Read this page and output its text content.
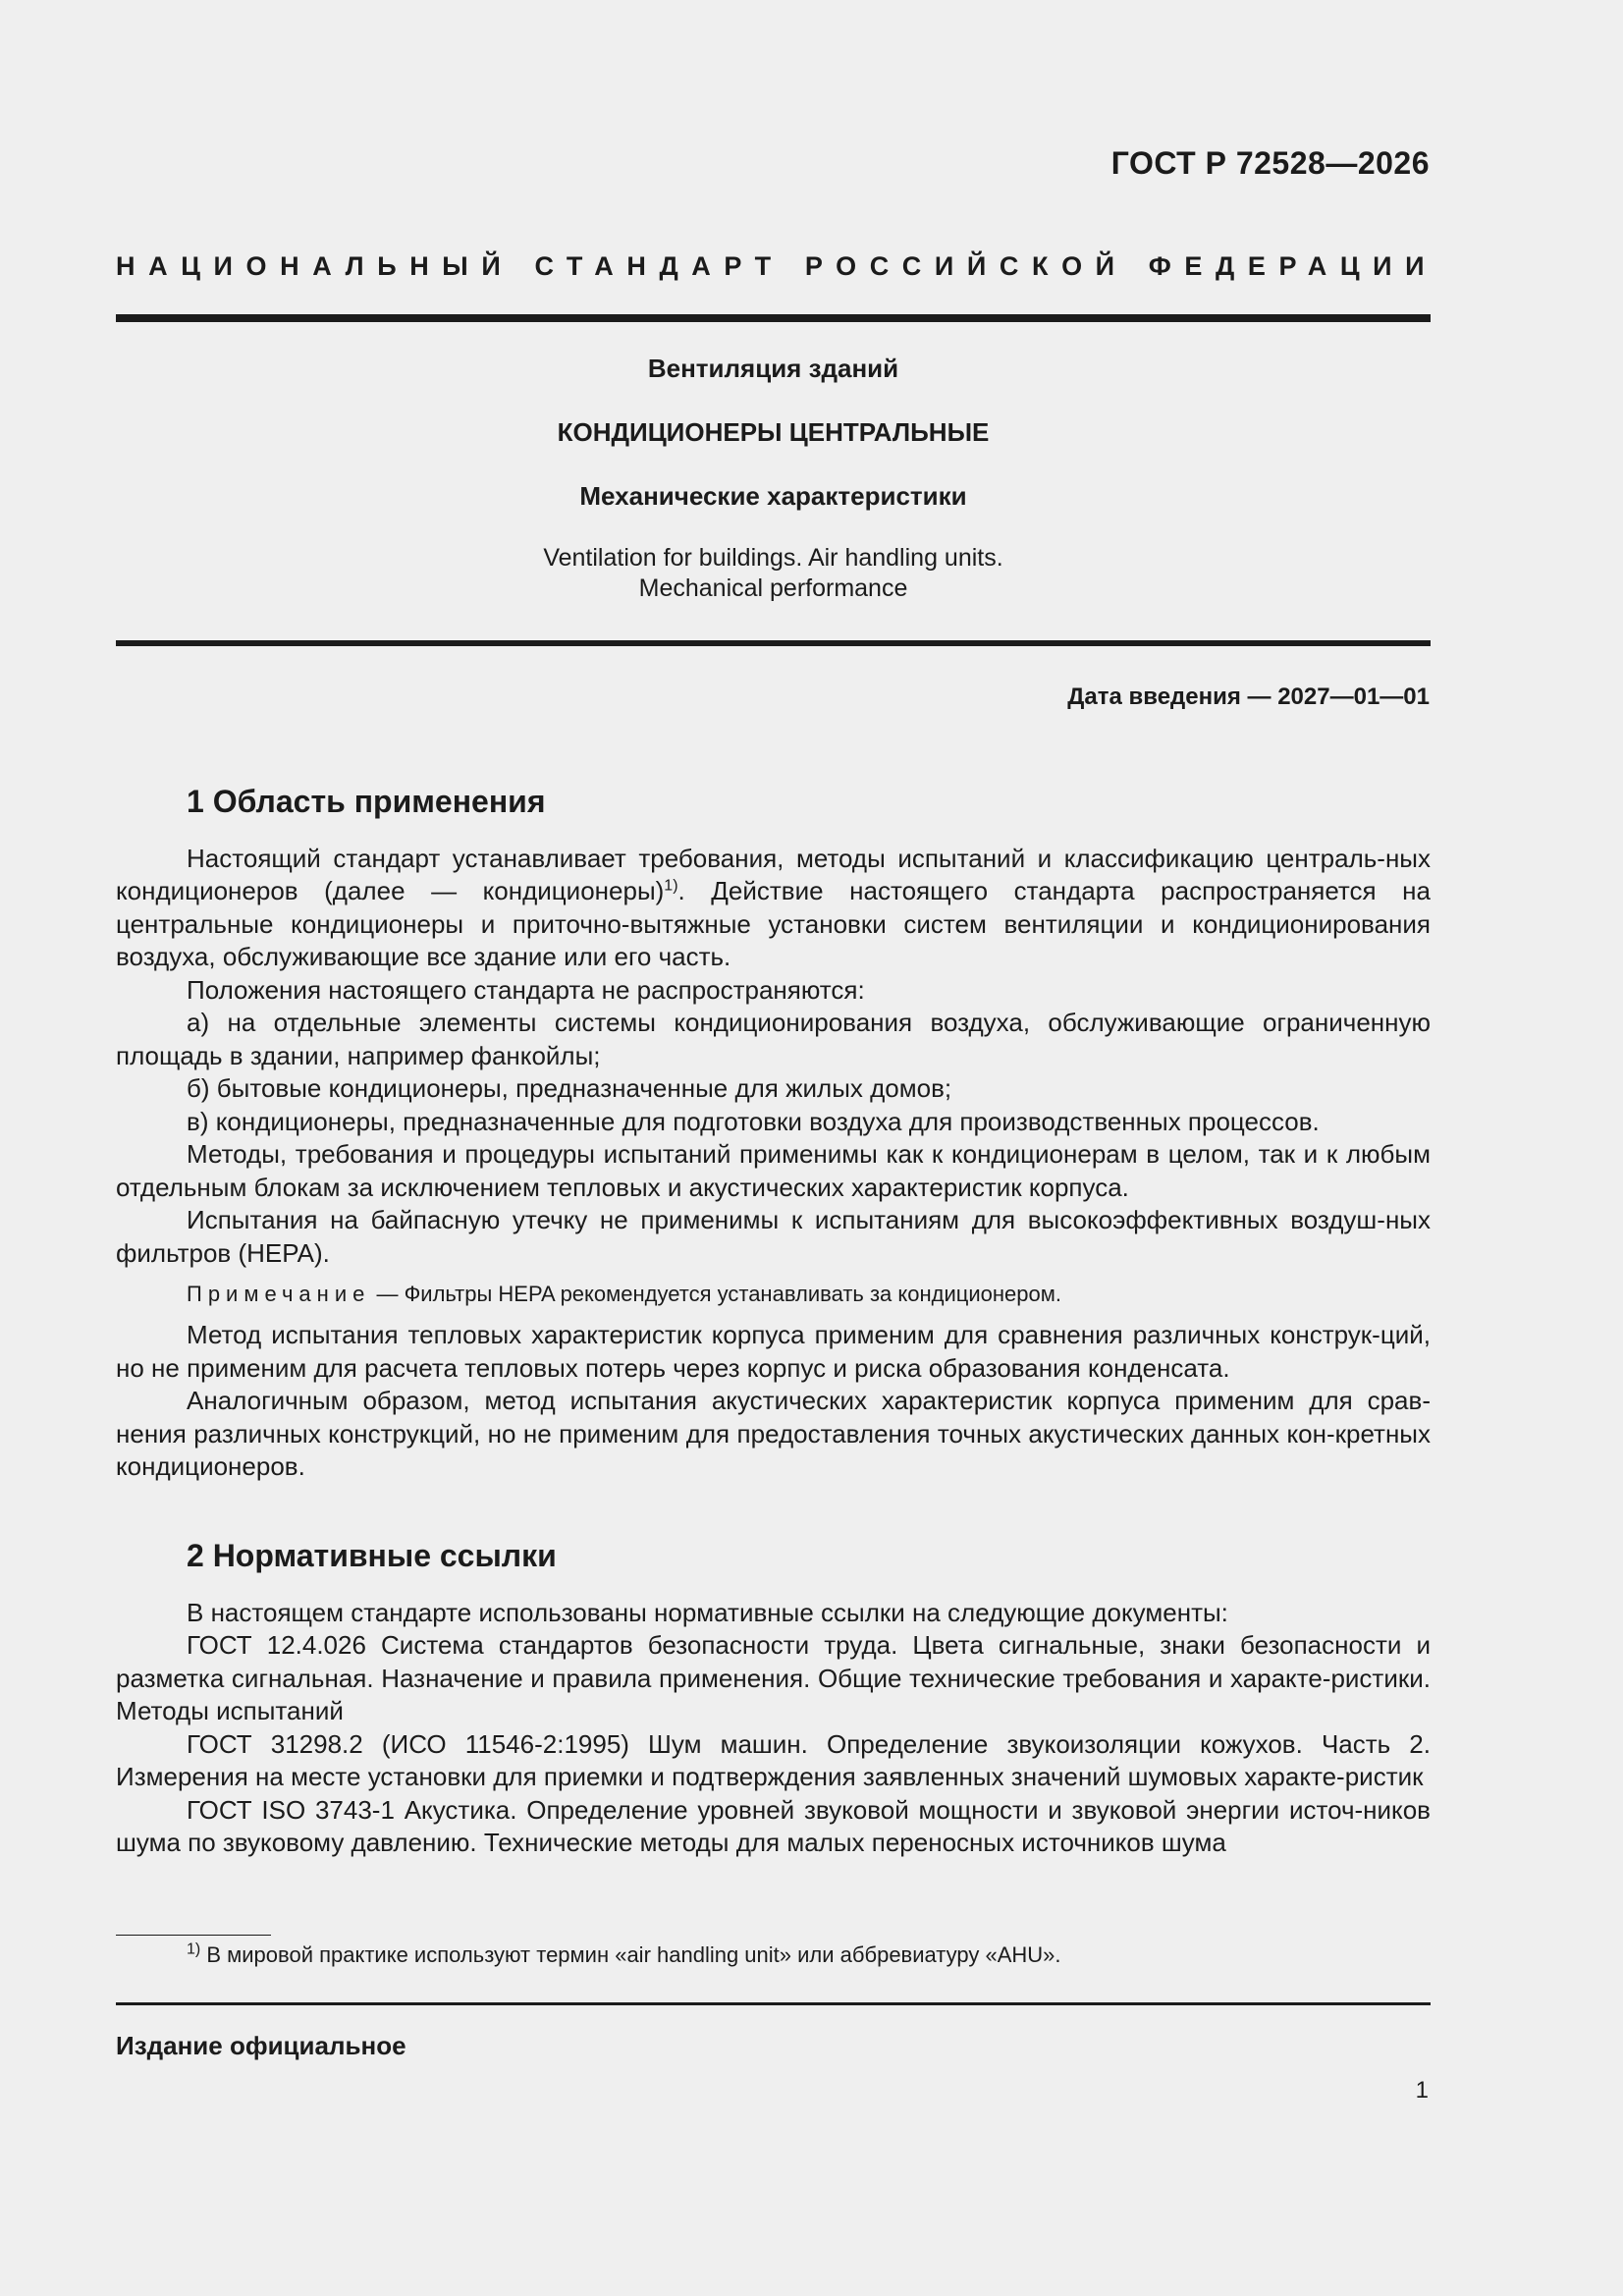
ГОСТ Р 72528—2026
НАЦИОНАЛЬНЫЙ СТАНДАРТ РОССИЙСКОЙ ФЕДЕРАЦИИ
Вентиляция зданий
КОНДИЦИОНЕРЫ ЦЕНТРАЛЬНЫЕ
Механические характеристики
Ventilation for buildings. Air handling units.
Mechanical performance
Дата введения — 2027—01—01
1 Область применения

Настоящий стандарт устанавливает требования, методы испытаний и классификацию централь-ных кондиционеров (далее — кондиционеры)$^{1)}$. Действие настоящего стандарта распространяется на центральные кондиционеры и приточно-вытяжные установки систем вентиляции и кондиционирования воздуха, обслуживающие все здание или его часть.

Положения настоящего стандарта не распространяются:

а) на отдельные элементы системы кондиционирования воздуха, обслуживающие ограниченную площадь в здании, например фанкойлы;

б) бытовые кондиционеры, предназначенные для жилых домов;

в) кондиционеры, предназначенные для подготовки воздуха для производственных процессов.

Методы, требования и процедуры испытаний применимы как к кондиционерам в целом, так и к любым отдельным блокам за исключением тепловых и акустических характеристик корпуса.

Испытания на байпасную утечку не применимы к испытаниям для высокоэффективных воздуш-ных фильтров (HEPA).

Примечание — Фильтры HEPA рекомендуется устанавливать за кондиционером.

Метод испытания тепловых характеристик корпуса применим для сравнения различных конструк-ций, но не применим для расчета тепловых потерь через корпус и риска образования конденсата.

Аналогичным образом, метод испытания акустических характеристик корпуса применим для срав-нения различных конструкций, но не применим для предоставления точных акустических данных кон-кретных кондиционеров.

2 Нормативные ссылки

В настоящем стандарте использованы нормативные ссылки на следующие документы:

ГОСТ 12.4.026 Система стандартов безопасности труда. Цвета сигнальные, знаки безопасности и разметка сигнальная. Назначение и правила применения. Общие технические требования и характе-ристики. Методы испытаний

ГОСТ 31298.2 (ИСО 11546-2:1995) Шум машин. Определение звукоизоляции кожухов. Часть 2. Измерения на месте установки для приемки и подтверждения заявленных значений шумовых характе-ристик

ГОСТ ISO 3743-1 Акустика. Определение уровней звуковой мощности и звуковой энергии источ-ников шума по звуковому давлению. Технические методы для малых переносных источников шума

$^{1)}$ В мировой практике используют термин «air handling unit» или аббревиатуру «AHU».
Издание официальное
1
